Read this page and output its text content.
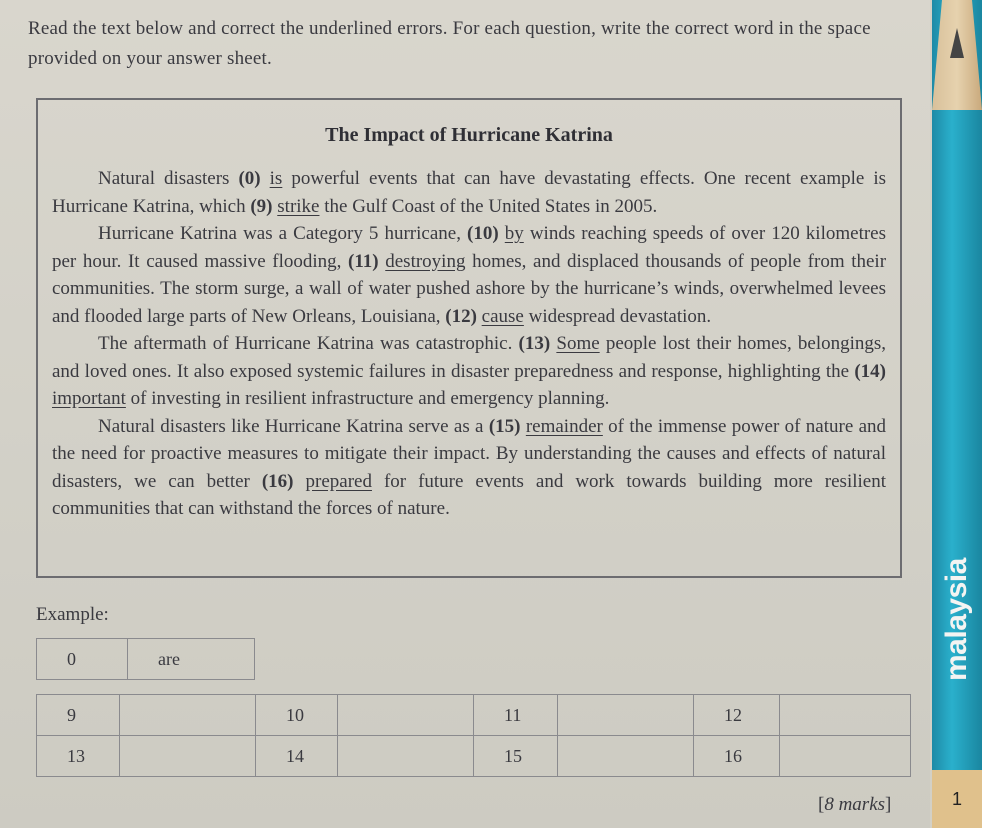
Read the text below and correct the underlined errors. For each question, write the correct word in the space provided on your answer sheet.
The Impact of Hurricane Katrina

Natural disasters (0) is powerful events that can have devastating effects. One recent example is Hurricane Katrina, which (9) strike the Gulf Coast of the United States in 2005.

Hurricane Katrina was a Category 5 hurricane, (10) by winds reaching speeds of over 120 kilometres per hour. It caused massive flooding, (11) destroying homes, and displaced thousands of people from their communities. The storm surge, a wall of water pushed ashore by the hurricane’s winds, overwhelmed levees and flooded large parts of New Orleans, Louisiana, (12) cause widespread devastation.

The aftermath of Hurricane Katrina was catastrophic. (13) Some people lost their homes, belongings, and loved ones. It also exposed systemic failures in disaster preparedness and response, highlighting the (14) important of investing in resilient infrastructure and emergency planning.

Natural disasters like Hurricane Katrina serve as a (15) remainder of the immense power of nature and the need for proactive measures to mitigate their impact. By understanding the causes and effects of natural disasters, we can better (16) prepared for future events and work towards building more resilient communities that can withstand the forces of nature.

Example:
0	are
9		10		11		12	
13		14		15		16	
[8 marks]
malaysia
1
